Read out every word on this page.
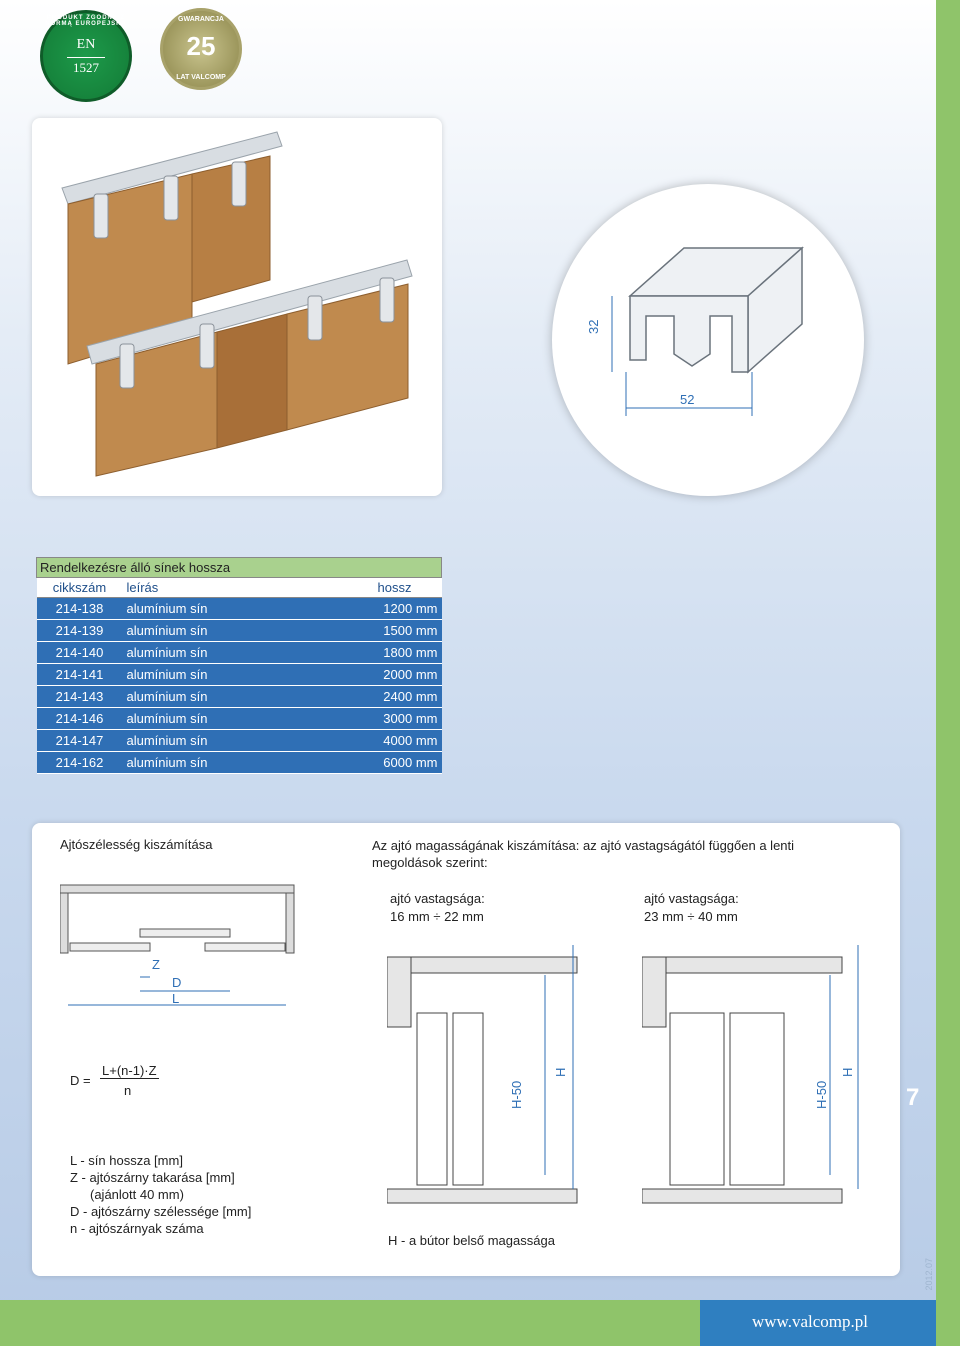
www.valcomp.pl
2012.07
PRODUKT ZGODNY Z NORMĄ EUROPEJSKĄ
EN
1527
GWARANCJA
25
LAT VALCOMP
32
52
Rendelkezésre álló sínek hossza		
cikkszám	leírás	hossz
214-138	alumínium sín	1200 mm
214-139	alumínium sín	1500 mm
214-140	alumínium sín	1800 mm
214-141	alumínium sín	2000 mm
214-143	alumínium sín	2400 mm
214-146	alumínium sín	3000 mm
214-147	alumínium sín	4000 mm
214-162	alumínium sín	6000 mm
Ajtószélesség kiszámítása
Z
D
L
D =
L+(n-1)·Z
n
L - sín hossza [mm]
Z - ajtószárny takarása [mm]
(ajánlott 40 mm)
D - ajtószárny szélessége [mm]
n - ajtószárnyak száma
Az ajtó magasságának kiszámítása: az ajtó vastagságától függően a lenti megoldások szerint:
ajtó vastagsága:
16 mm ÷ 22 mm
ajtó vastagsága:
23 mm ÷ 40 mm
H-50
H
H-50
H
H - a bútor belső magassága
7
